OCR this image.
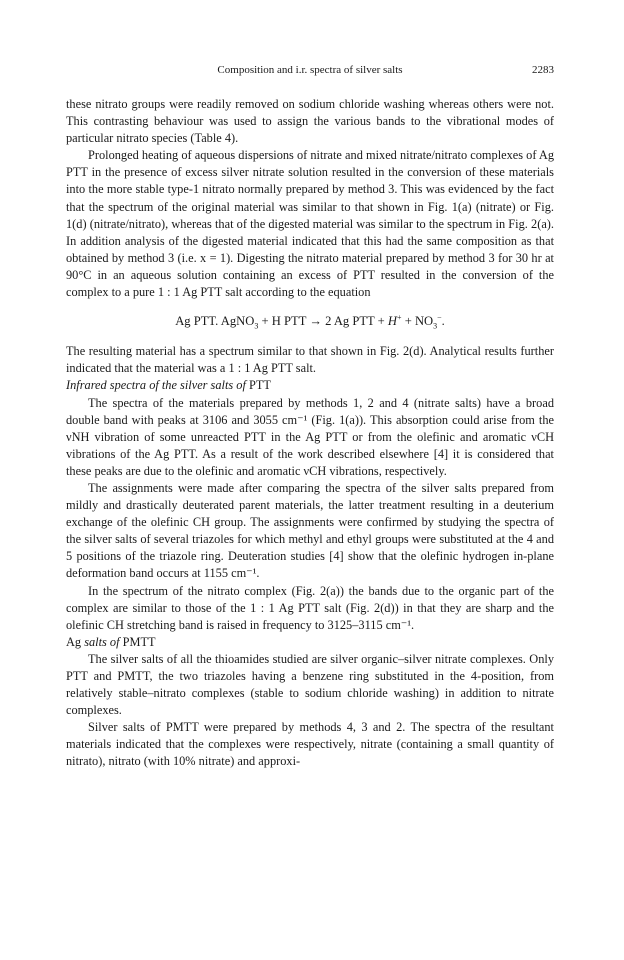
Composition and i.r. spectra of silver salts	2283

these nitrato groups were readily removed on sodium chloride washing whereas others were not. This contrasting behaviour was used to assign the various bands to the vibrational modes of particular nitrato species (Table 4).

Prolonged heating of aqueous dispersions of nitrate and mixed nitrate/nitrato complexes of Ag PTT in the presence of excess silver nitrate solution resulted in the conversion of these materials into the more stable type-1 nitrato normally prepared by method 3. This was evidenced by the fact that the spectrum of the original material was similar to that shown in Fig. 1(a) (nitrate) or Fig. 1(d) (nitrate/nitrato), whereas that of the digested material was similar to the spectrum in Fig. 2(a). In addition analysis of the digested material indicated that this had the same composition as that obtained by method 3 (i.e. x = 1). Digesting the nitrato material prepared by method 3 for 30 hr at 90°C in an aqueous solution containing an excess of PTT resulted in the conversion of the complex to a pure 1 : 1 Ag PTT salt according to the equation

Ag PTT. AgNO$_3$ + H PTT → 2 Ag PTT + $H^+ + NO_3^-$.

The resulting material has a spectrum similar to that shown in Fig. 2(d). Analytical results further indicated that the material was a 1 : 1 Ag PTT salt.

Infrared spectra of the silver salts of PTT

The spectra of the materials prepared by methods 1, 2 and 4 (nitrate salts) have a broad double band with peaks at 3106 and 3055 cm⁻¹ (Fig. 1(a)). This absorption could arise from the νNH vibration of some unreacted PTT in the Ag PTT or from the olefinic and aromatic νCH vibrations of the Ag PTT. As a result of the work described elsewhere [4] it is considered that these peaks are due to the olefinic and aromatic νCH vibrations, respectively.

The assignments were made after comparing the spectra of the silver salts prepared from mildly and drastically deuterated parent materials, the latter treatment resulting in a deuterium exchange of the olefinic CH group. The assignments were confirmed by studying the spectra of the silver salts of several triazoles for which methyl and ethyl groups were substituted at the 4 and 5 positions of the triazole ring. Deuteration studies [4] show that the olefinic hydrogen in-plane deformation band occurs at 1155 cm⁻¹.

In the spectrum of the nitrato complex (Fig. 2(a)) the bands due to the organic part of the complex are similar to those of the 1 : 1 Ag PTT salt (Fig. 2(d)) in that they are sharp and the olefinic CH stretching band is raised in frequency to 3125–3115 cm⁻¹.

Ag salts of PMTT

The silver salts of all the thioamides studied are silver organic–silver nitrate complexes. Only PTT and PMTT, the two triazoles having a benzene ring substituted in the 4-position, from relatively stable–nitrato complexes (stable to sodium chloride washing) in addition to nitrate complexes.

Silver salts of PMTT were prepared by methods 4, 3 and 2. The spectra of the resultant materials indicated that the complexes were respectively, nitrate (containing a small quantity of nitrato), nitrato (with 10% nitrate) and approxi-
